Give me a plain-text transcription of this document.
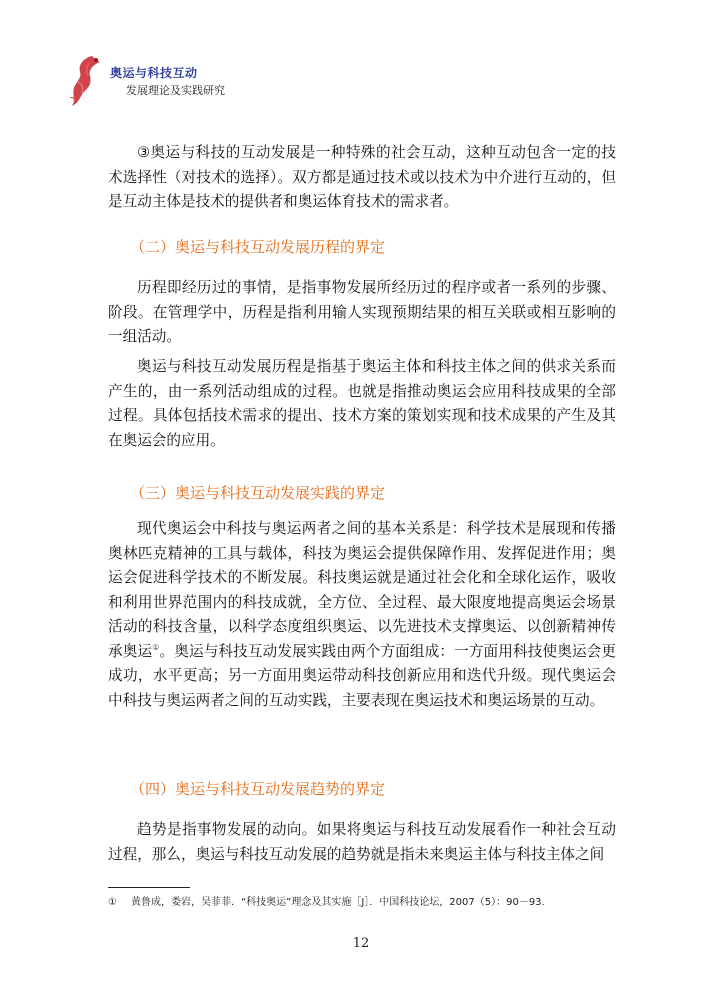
奥运与科技互动
发展理论及实践研究
③奥运与科技的互动发展是一种特殊的社会互动，这种互动包含一定的技术选择性（对技术的选择）。双方都是通过技术或以技术为中介进行互动的，但是互动主体是技术的提供者和奥运体育技术的需求者。
（二）奥运与科技互动发展历程的界定
历程即经历过的事情，是指事物发展所经历过的程序或者一系列的步骤、阶段。在管理学中，历程是指利用输人实现预期结果的相互关联或相互影响的一组活动。
奥运与科技互动发展历程是指基于奥运主体和科技主体之间的供求关系而产生的，由一系列活动组成的过程。也就是指推动奥运会应用科技成果的全部过程。具体包括技术需求的提出、技术方案的策划实现和技术成果的产生及其在奥运会的应用。
（三）奥运与科技互动发展实践的界定
现代奥运会中科技与奥运两者之间的基本关系是：科学技术是展现和传播奥林匹克精神的工具与载体，科技为奥运会提供保障作用、发挥促进作用；奥运会促进科学技术的不断发展。科技奥运就是通过社会化和全球化运作，吸收和利用世界范围内的科技成就，全方位、全过程、最大限度地提高奥运会场景活动的科技含量，以科学态度组织奥运、以先进技术支撑奥运、以创新精神传承奥运①。奥运与科技互动发展实践由两个方面组成：一方面用科技使奥运会更成功，水平更高；另一方面用奥运带动科技创新应用和迭代升级。现代奥运会中科技与奥运两者之间的互动实践，主要表现在奥运技术和奥运场景的互动。
（四）奥运与科技互动发展趋势的界定
趋势是指事物发展的动向。如果将奥运与科技互动发展看作一种社会互动过程，那么，奥运与科技互动发展的趋势就是指未来奥运主体与科技主体之间
① 黄鲁成，娄岩，吴菲菲．“科技奥运”理念及其实施［J］．中国科技论坛，2007（5）：90－93.
12
